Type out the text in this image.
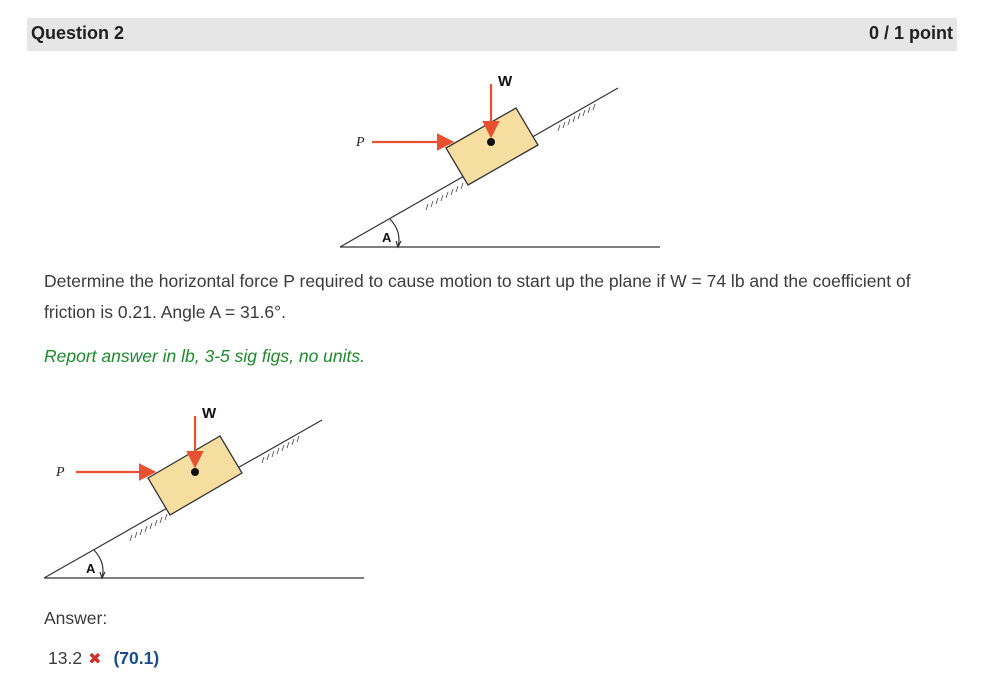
Question 2	0 / 1 point
W
P
A
Determine the horizontal force P required to cause motion to start up the plane if W = 74 lb and the coefficient of friction is 0.21. Angle A = 31.6°.
Report answer in lb, 3-5 sig figs, no units.
W
P
A
Answer:
13.2 ✖ (70.1)
